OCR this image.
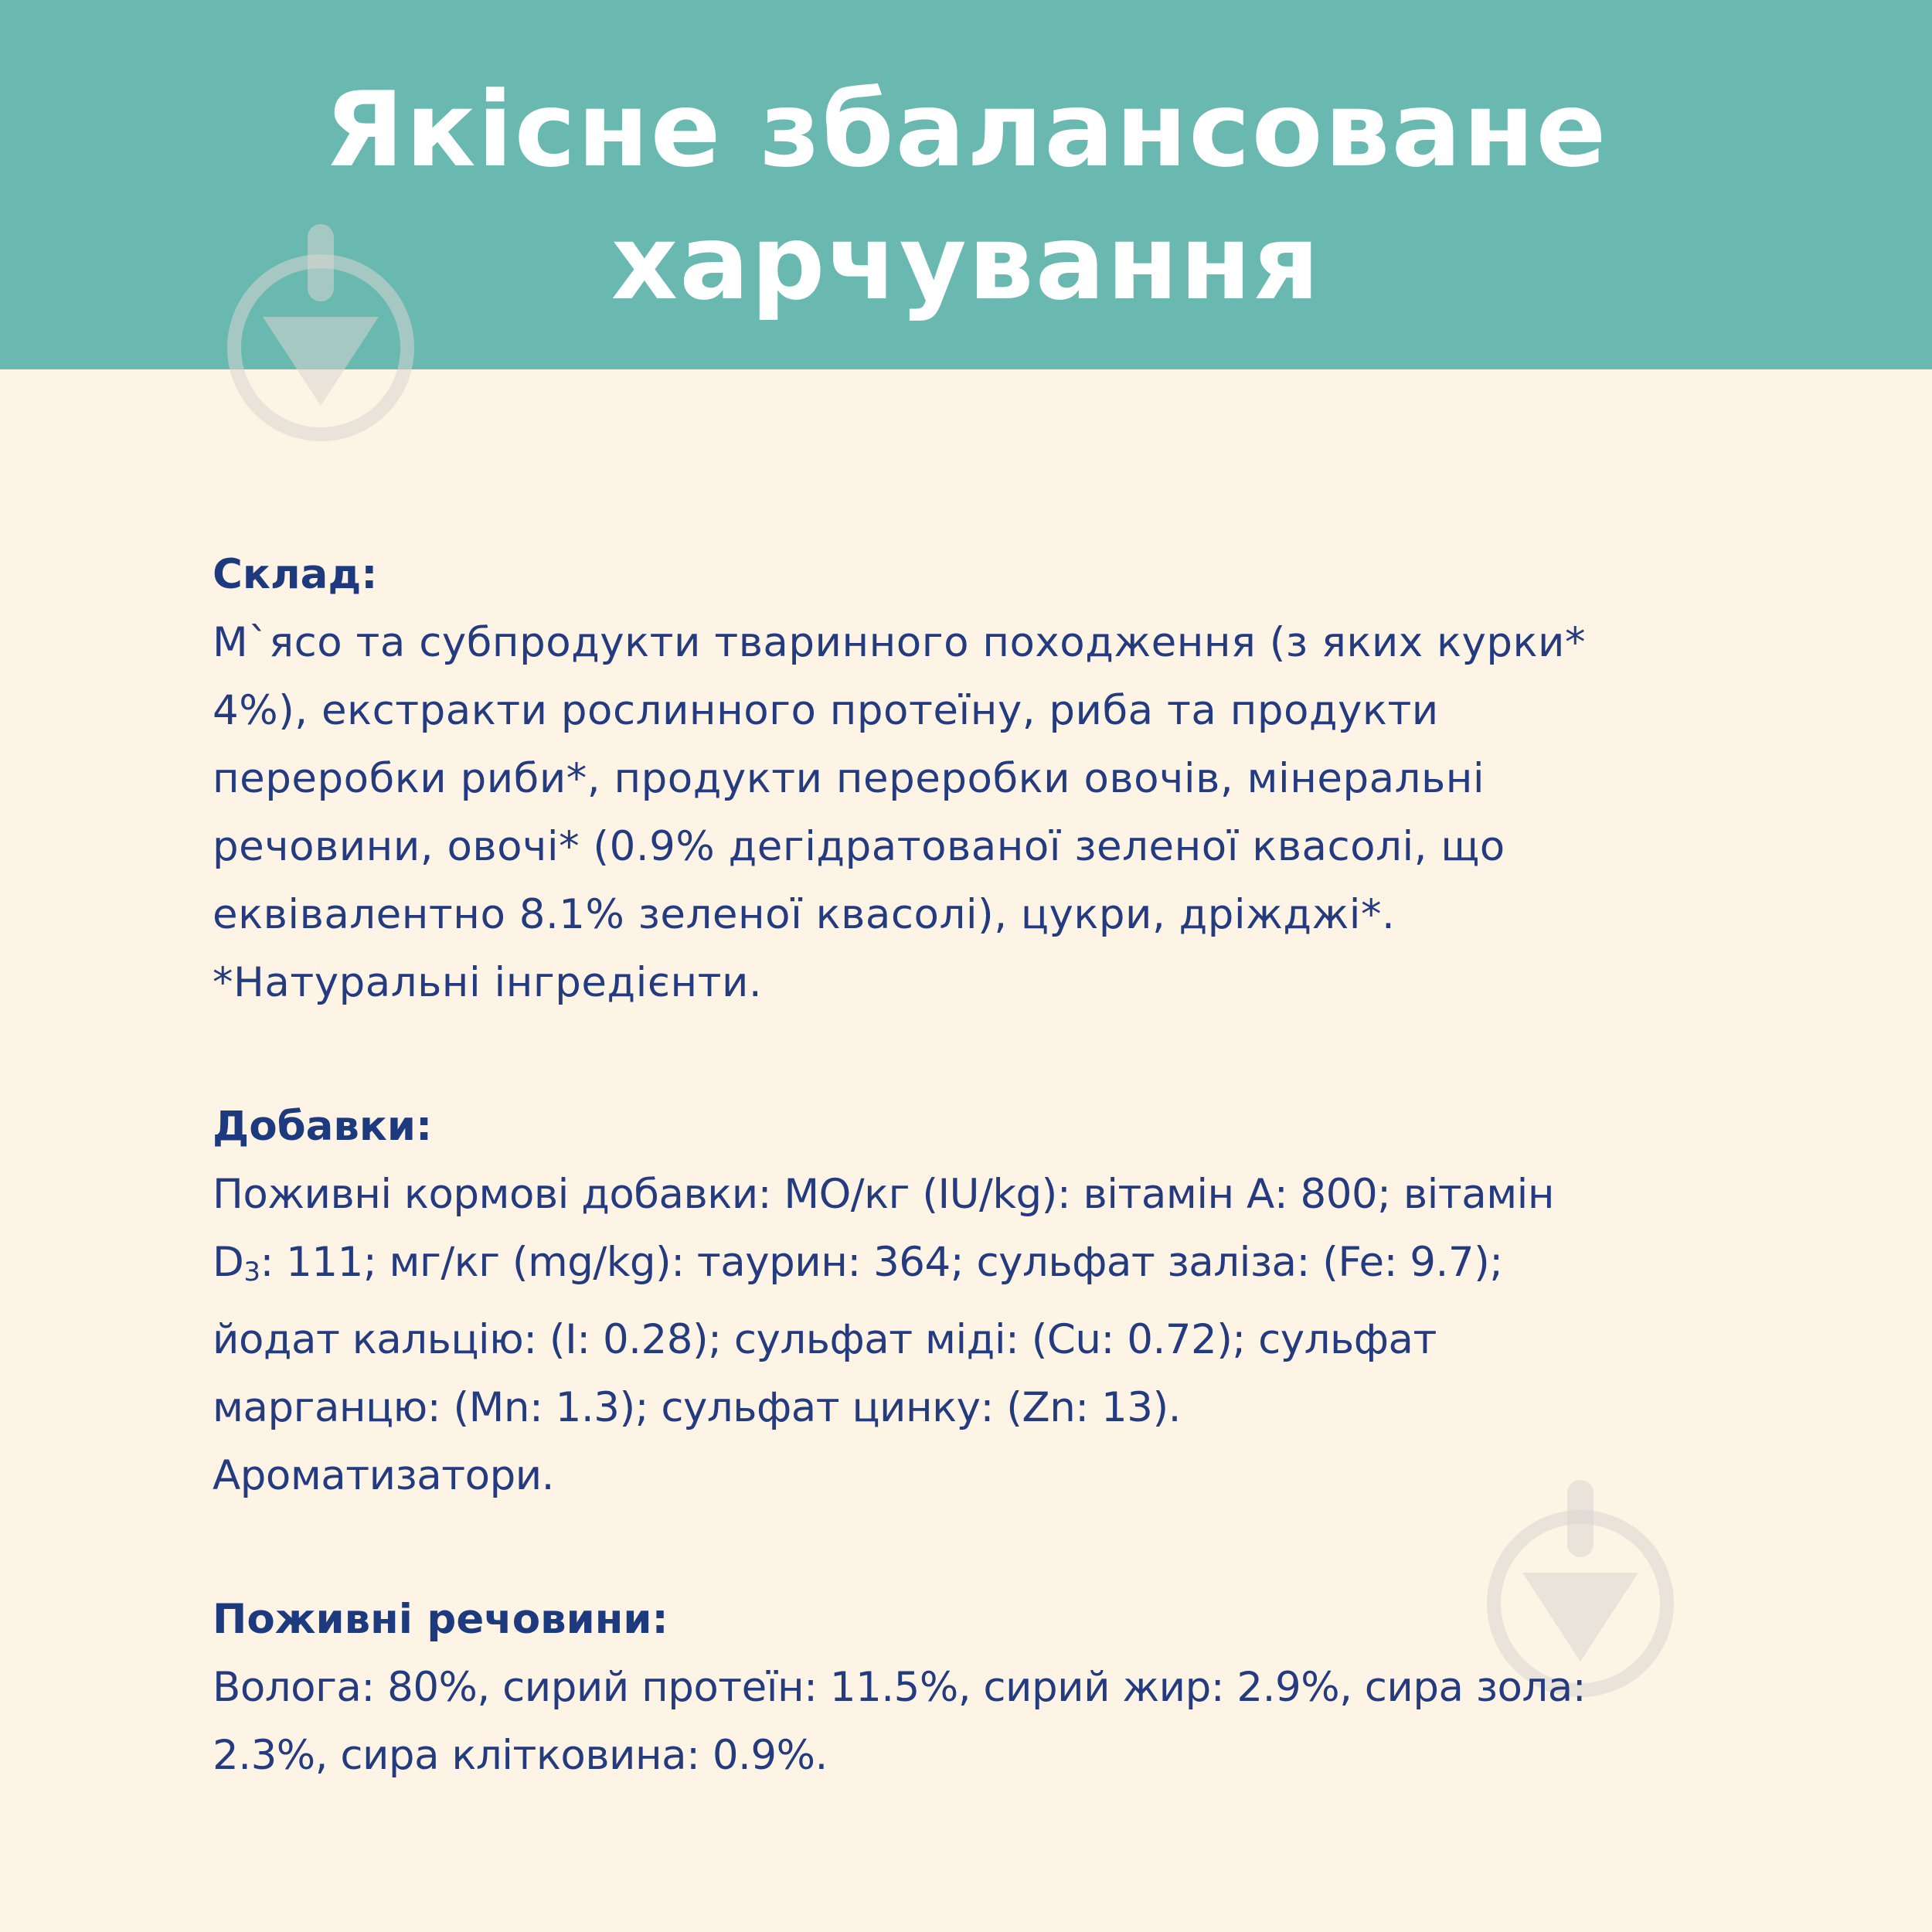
Якісне збалансоване
харчування
Склад:
М`ясо та субпродукти тваринного походження (з яких курки*
4%), екстракти рослинного протеїну, риба та продукти
переробки риби*, продукти переробки овочів, мінеральні
речовини, овочі* (0.9% дегідратованої зеленої квасолі, що
еквівалентно 8.1% зеленої квасолі), цукри, дріжджі*.
*Натуральні інгредієнти.
Добавки:
Поживні кормові добавки: МО/кг (IU/kg): вітамін А: 800; вітамін
D3: 111; мг/кг (mg/kg): таурин: 364; сульфат заліза: (Fe: 9.7);
йодат кальцію: (I: 0.28); сульфат міді: (Cu: 0.72); сульфат
марганцю: (Mn: 1.3); сульфат цинку: (Zn: 13).
Ароматизатори.
Поживні речовини:
Волога: 80%, сирий протеїн: 11.5%, сирий жир: 2.9%, сира зола:
2.3%, сира клітковина: 0.9%.
